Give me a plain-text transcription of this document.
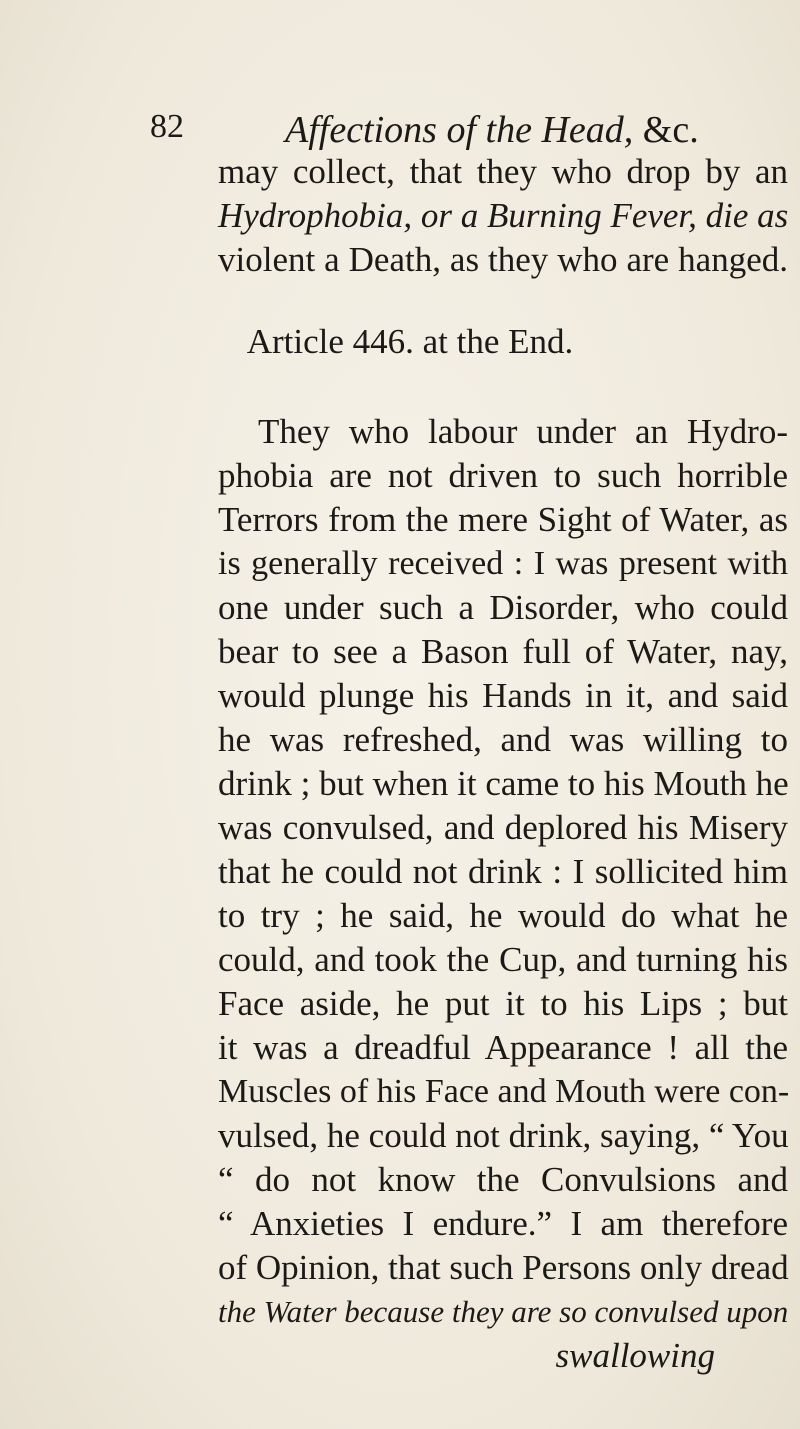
82	Affections of the Head, &c.
may collect, that they who drop by an
Hydrophobia, or a Burning Fever, die as
violent a Death, as they who are hanged.
Article 446. at the End.
They who labour under an Hydro-
phobia are not driven to such horrible
Terrors from the mere Sight of Water, as
is generally received : I was present with
one under such a Disorder, who could
bear to see a Bason full of Water, nay,
would plunge his Hands in it, and said
he was refreshed, and was willing to
drink ; but when it came to his Mouth he
was convulsed, and deplored his Misery
that he could not drink : I sollicited him
to try ; he said, he would do what he
could, and took the Cup, and turning his
Face aside, he put it to his Lips ; but
it was a dreadful Appearance ! all the
Muscles of his Face and Mouth were con-
vulsed, he could not drink, saying, “ You
“ do not know the Convulsions and
“ Anxieties I endure.” I am therefore
of Opinion, that such Persons only dread
the Water because they are so convulsed upon
swallowing
